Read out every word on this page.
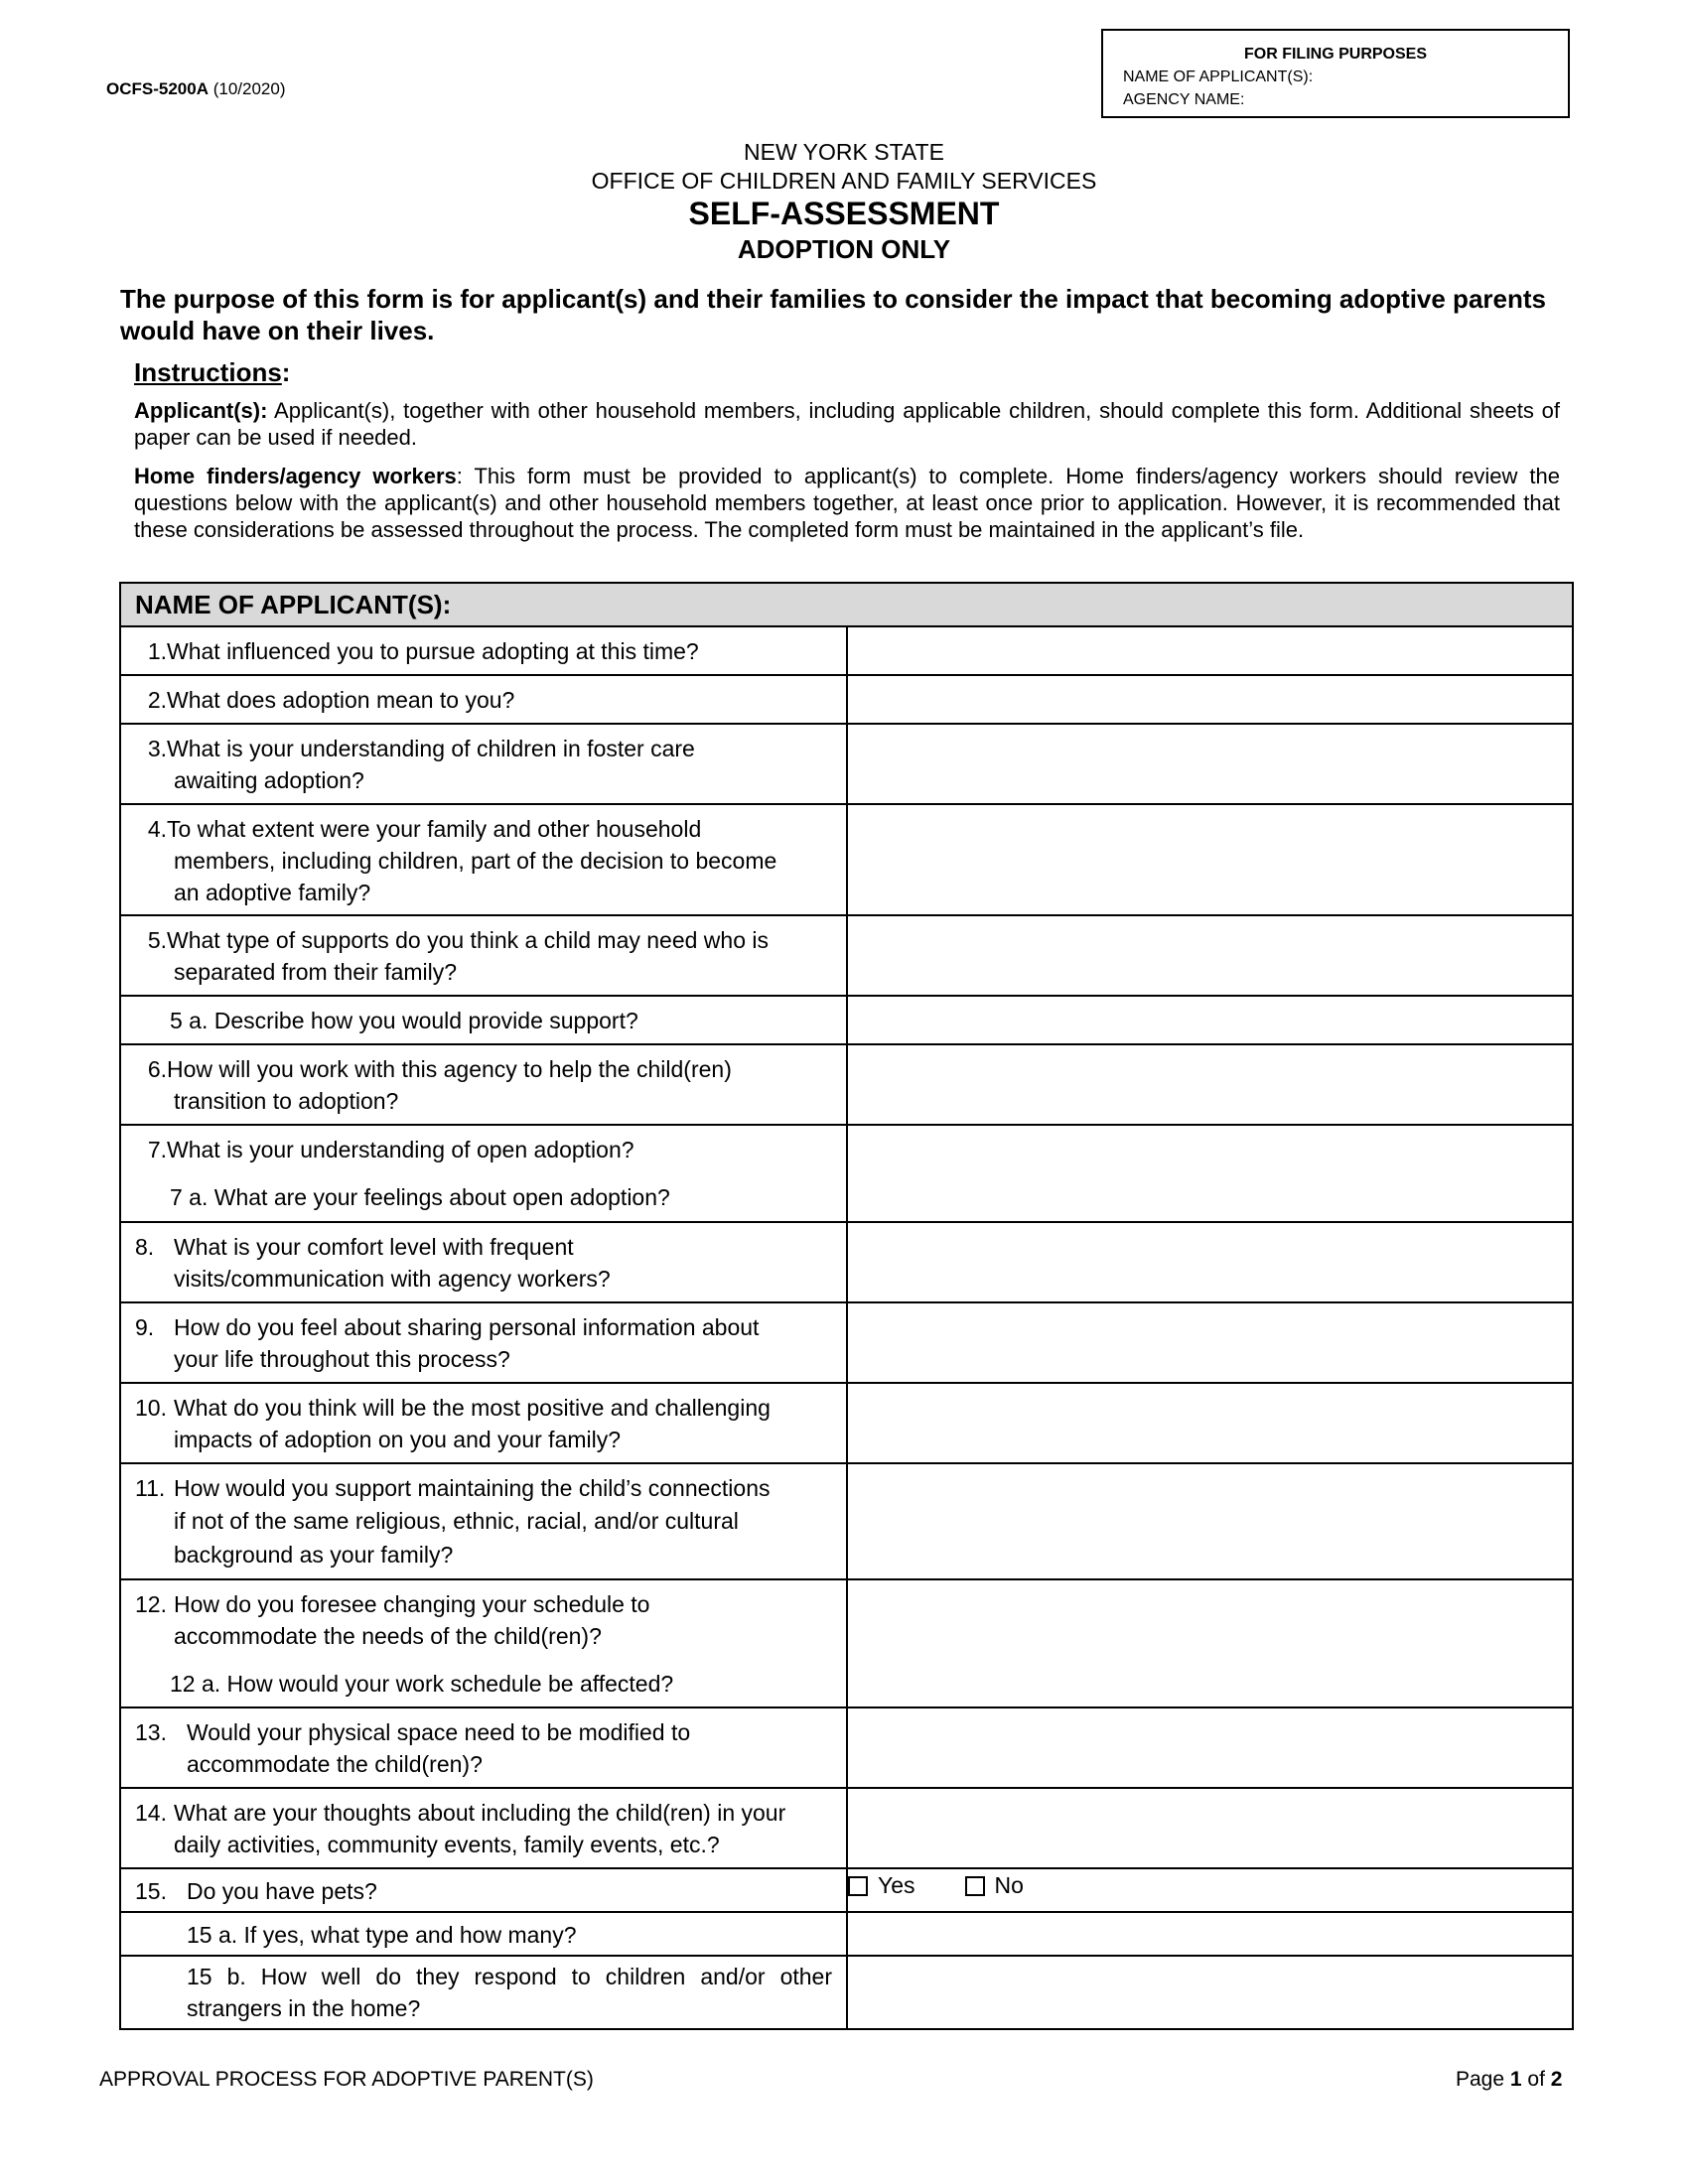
OCFS-5200A (10/2020)
FOR FILING PURPOSES
NAME OF APPLICANT(S):
AGENCY NAME:
NEW YORK STATE
OFFICE OF CHILDREN AND FAMILY SERVICES
SELF-ASSESSMENT
ADOPTION ONLY
The purpose of this form is for applicant(s) and their families to consider the impact that becoming adoptive parents would have on their lives.
Instructions:
Applicant(s): Applicant(s), together with other household members, including applicable children, should complete this form. Additional sheets of paper can be used if needed.
Home finders/agency workers: This form must be provided to applicant(s) to complete. Home finders/agency workers should review the questions below with the applicant(s) and other household members together, at least once prior to application. However, it is recommended that these considerations be assessed throughout the process. The completed form must be maintained in the applicant’s file.
NAME OF APPLICANT(S):	

1. What influenced you to pursue adopting at this time?	

2. What does adoption mean to you?	

3. What is your understanding of children in foster care
awaiting adoption?	

4. To what extent were your family and other household
members, including children, part of the decision to become
an adoptive family?	

5. What type of supports do you think a child may need who is
separated from their family?	

5 a. Describe how you would provide support?	

6. How will you work with this agency to help the child(ren)
transition to adoption?	

7. What is your understanding of open adoption?
7 a. What are your feelings about open adoption?	

8. What is your comfort level with frequent
visits/communication with agency workers?	

9. How do you feel about sharing personal information about
your life throughout this process?	

10. What do you think will be the most positive and challenging
impacts of adoption on you and your family?	

11. How would you support maintaining the child’s connections
if not of the same religious, ethnic, racial, and/or cultural
background as your family?	

12. How do you foresee changing your schedule to
accommodate the needs of the child(ren)?
12 a. How would your work schedule be affected?	

13. Would your physical space need to be modified to
accommodate the child(ren)?	

14. What are your thoughts about including the child(ren) in your
daily activities, community events, family events, etc.?	

15. Do you have pets?	Yes No

15 a. If yes, what type and how many?	

15 b. How well do they respond to children and/or other
strangers in the home?	

APPROVAL PROCESS FOR ADOPTIVE PARENT(S)	Page 1 of 2
